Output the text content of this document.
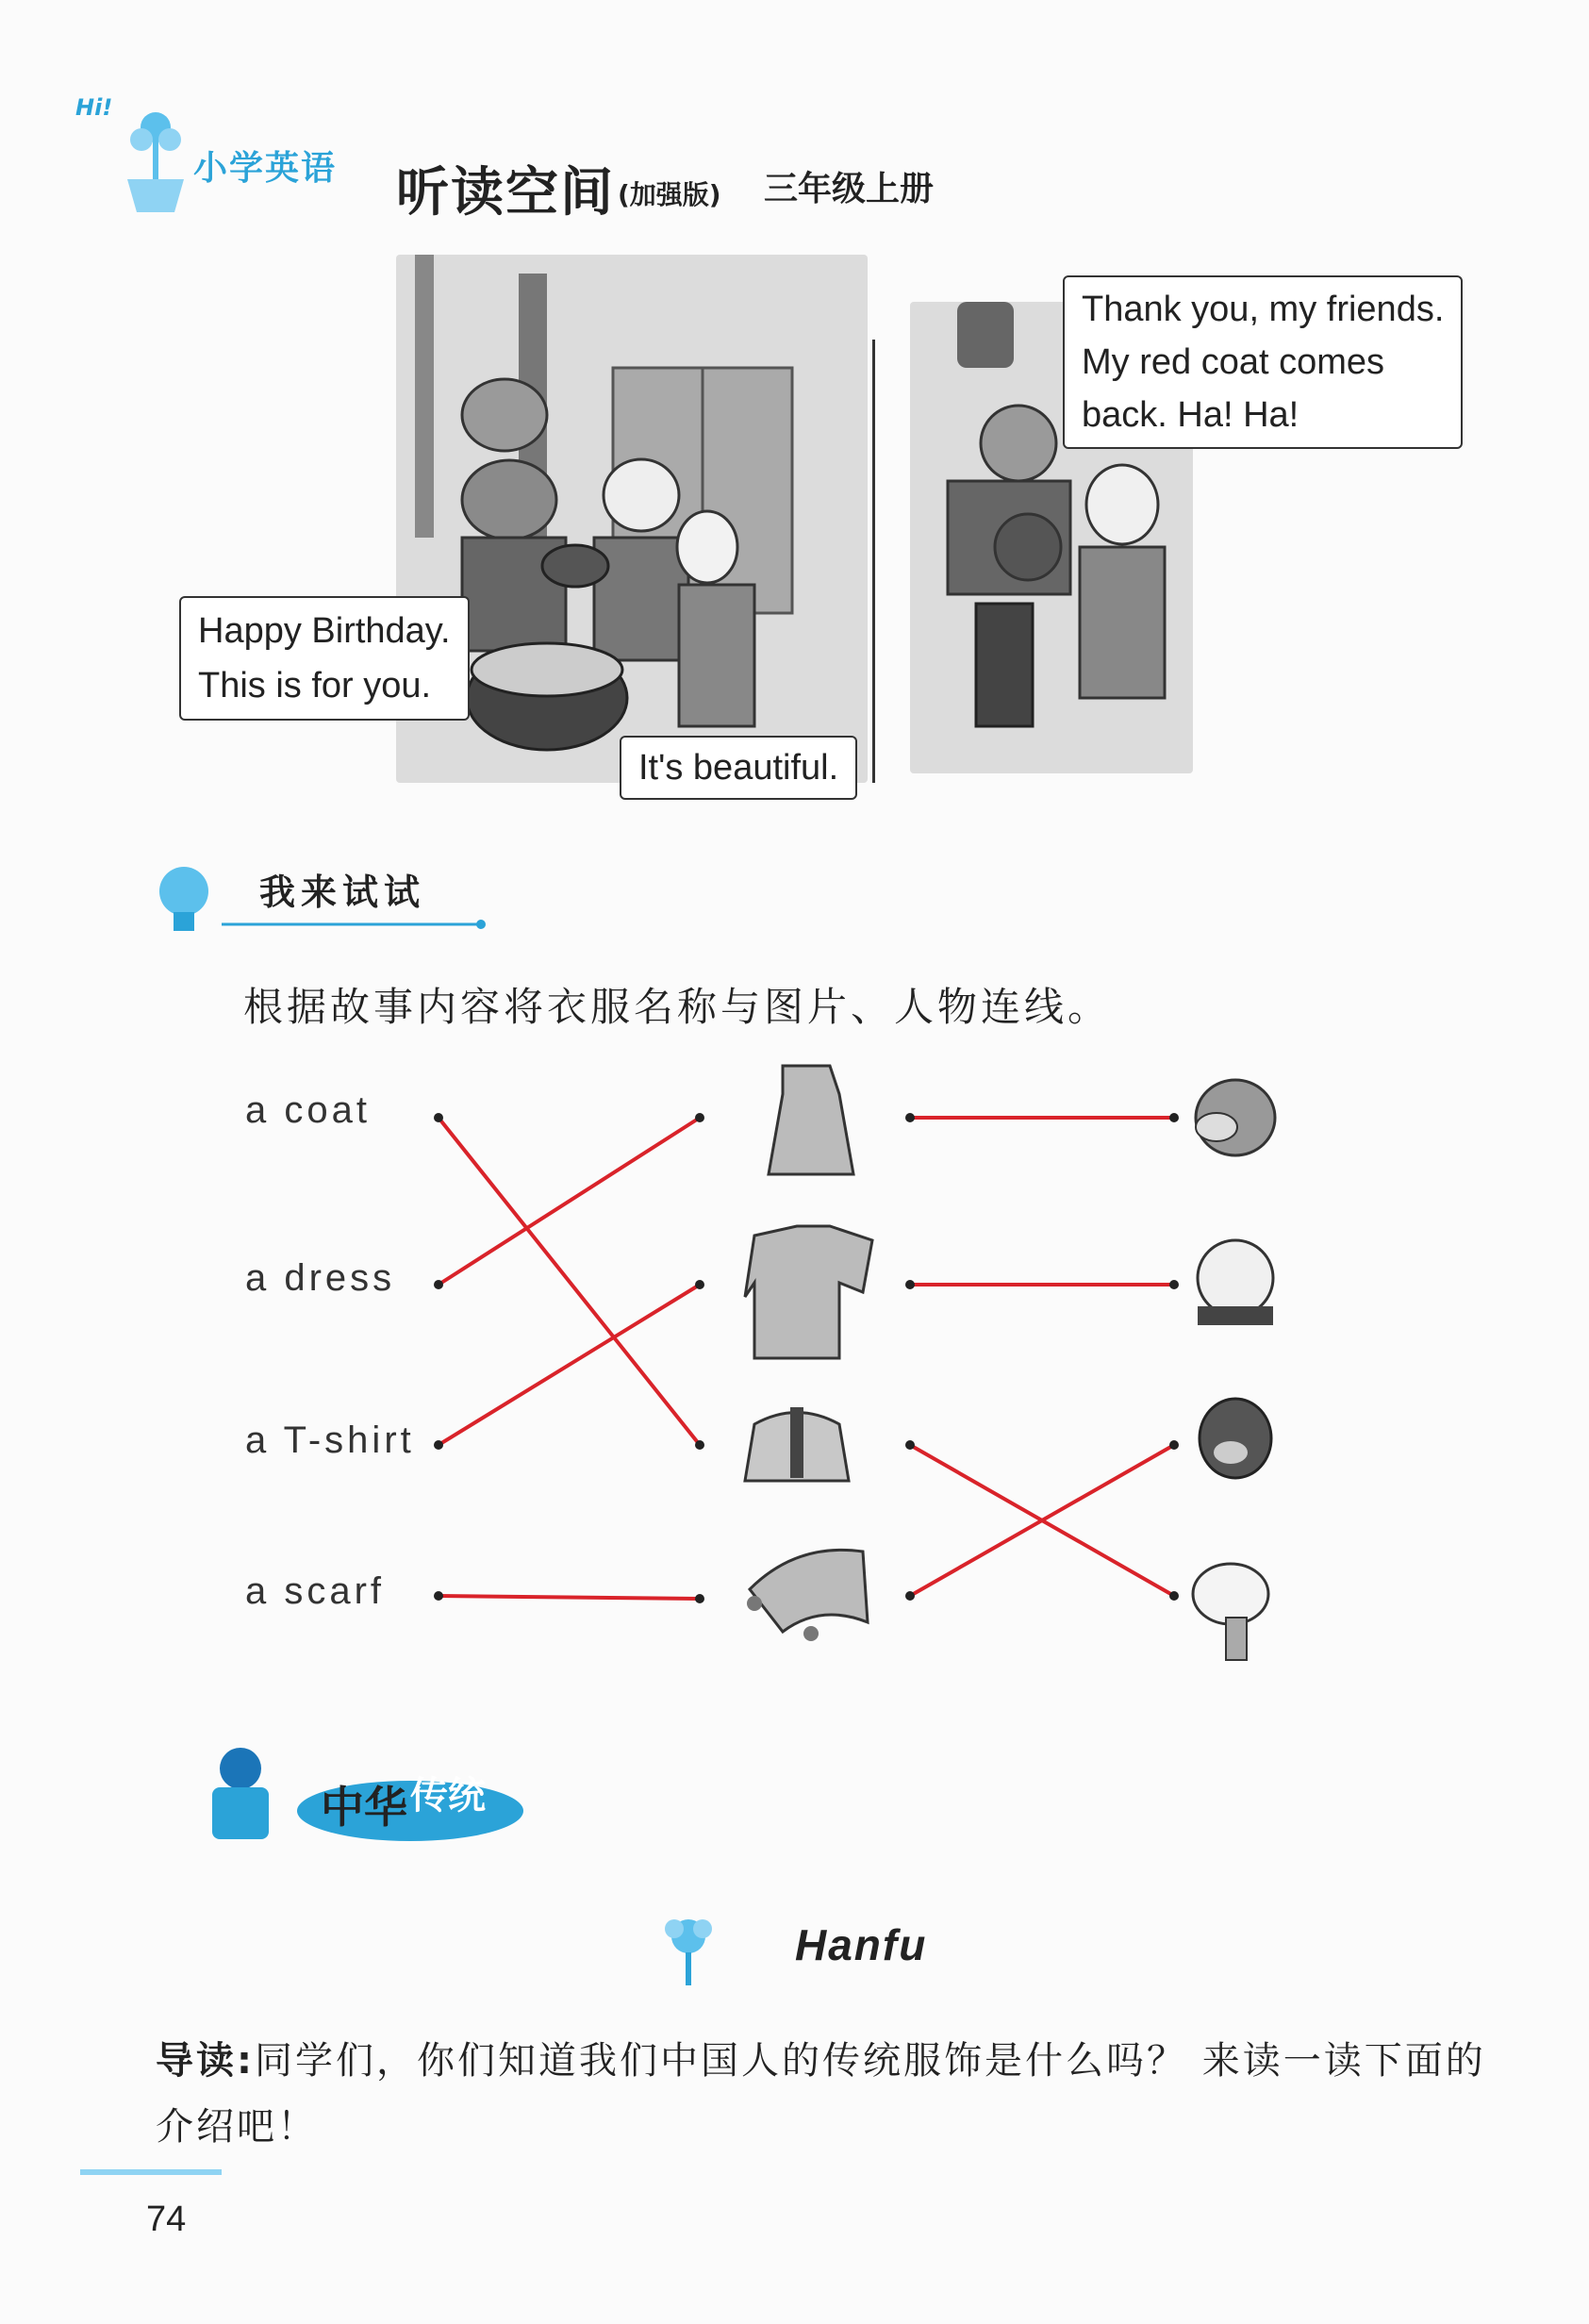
Hi!
小学英语 听读空间 (加强版) 三年级上册
Happy Birthday.
This is for you.
It's beautiful.
Thank you, my friends.
My red coat comes
back. Ha! Ha!
我来试试
根据故事内容将衣服名称与图片、人物连线。
a coat
a dress
a T-shirt
a scarf
中华 传统
Hanfu
导读:同学们，你们知道我们中国人的传统服饰是什么吗？ 来读一读下面的介绍吧！
74
